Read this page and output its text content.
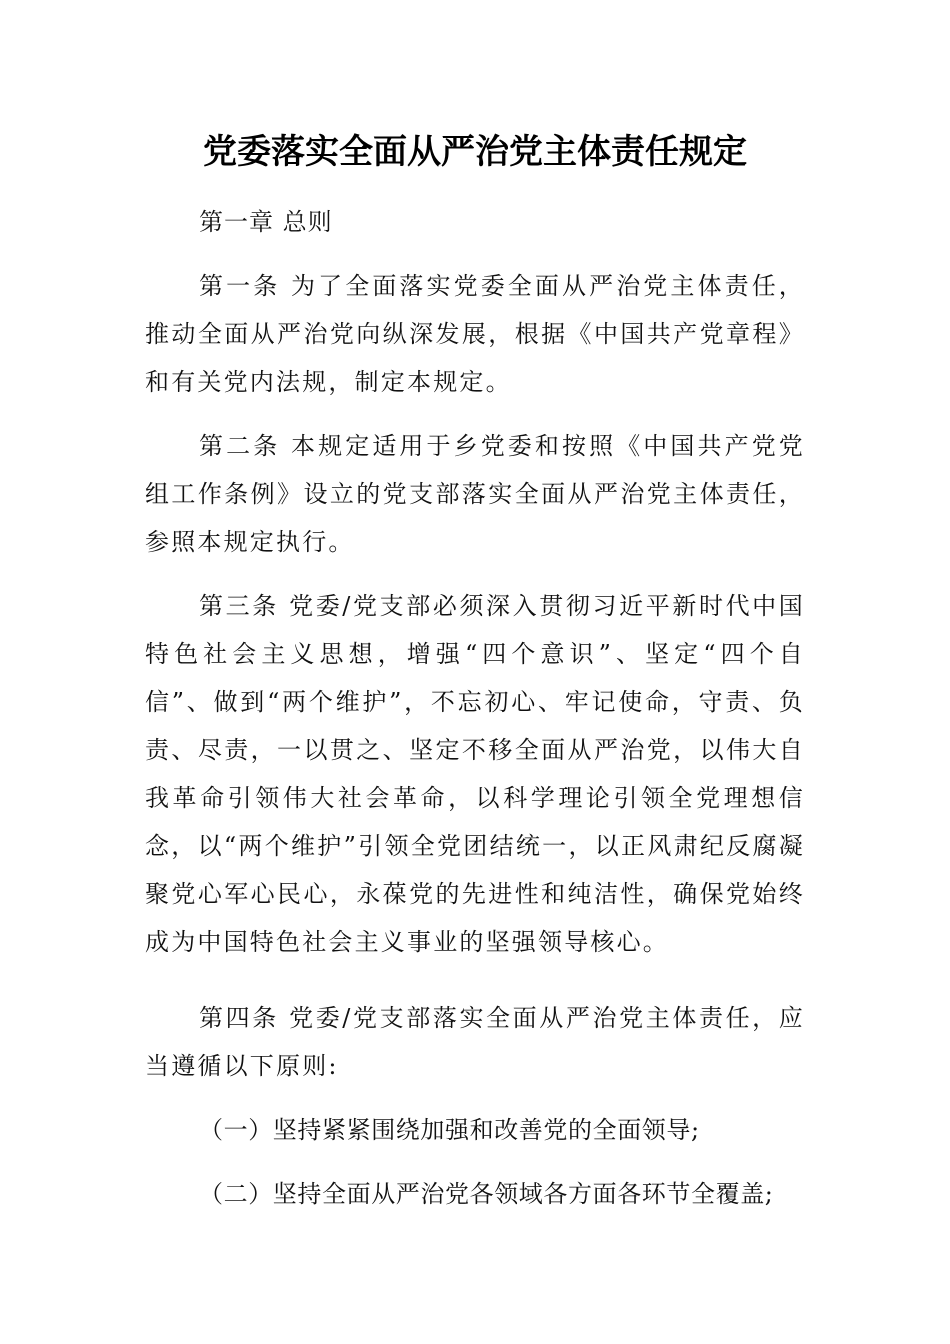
党委落实全面从严治党主体责任规定

第一章 总则

第一条 为了全面落实党委全面从严治党主体责任，推动全面从严治党向纵深发展，根据《中国共产党章程》和有关党内法规，制定本规定。

第二条 本规定适用于乡党委和按照《中国共产党党组工作条例》设立的党支部落实全面从严治党主体责任，参照本规定执行。

第三条 党委/党支部必须深入贯彻习近平新时代中国特色社会主义思想，增强“四个意识”、坚定“四个自信”、做到“两个维护”，不忘初心、牢记使命，守责、负责、尽责，一以贯之、坚定不移全面从严治党，以伟大自我革命引领伟大社会革命，以科学理论引领全党理想信念，以“两个维护”引领全党团结统一，以正风肃纪反腐凝聚党心军心民心，永葆党的先进性和纯洁性，确保党始终成为中国特色社会主义事业的坚强领导核心。

第四条 党委/党支部落实全面从严治党主体责任，应当遵循以下原则:

（一）坚持紧紧围绕加强和改善党的全面领导;

（二）坚持全面从严治党各领域各方面各环节全覆盖;
